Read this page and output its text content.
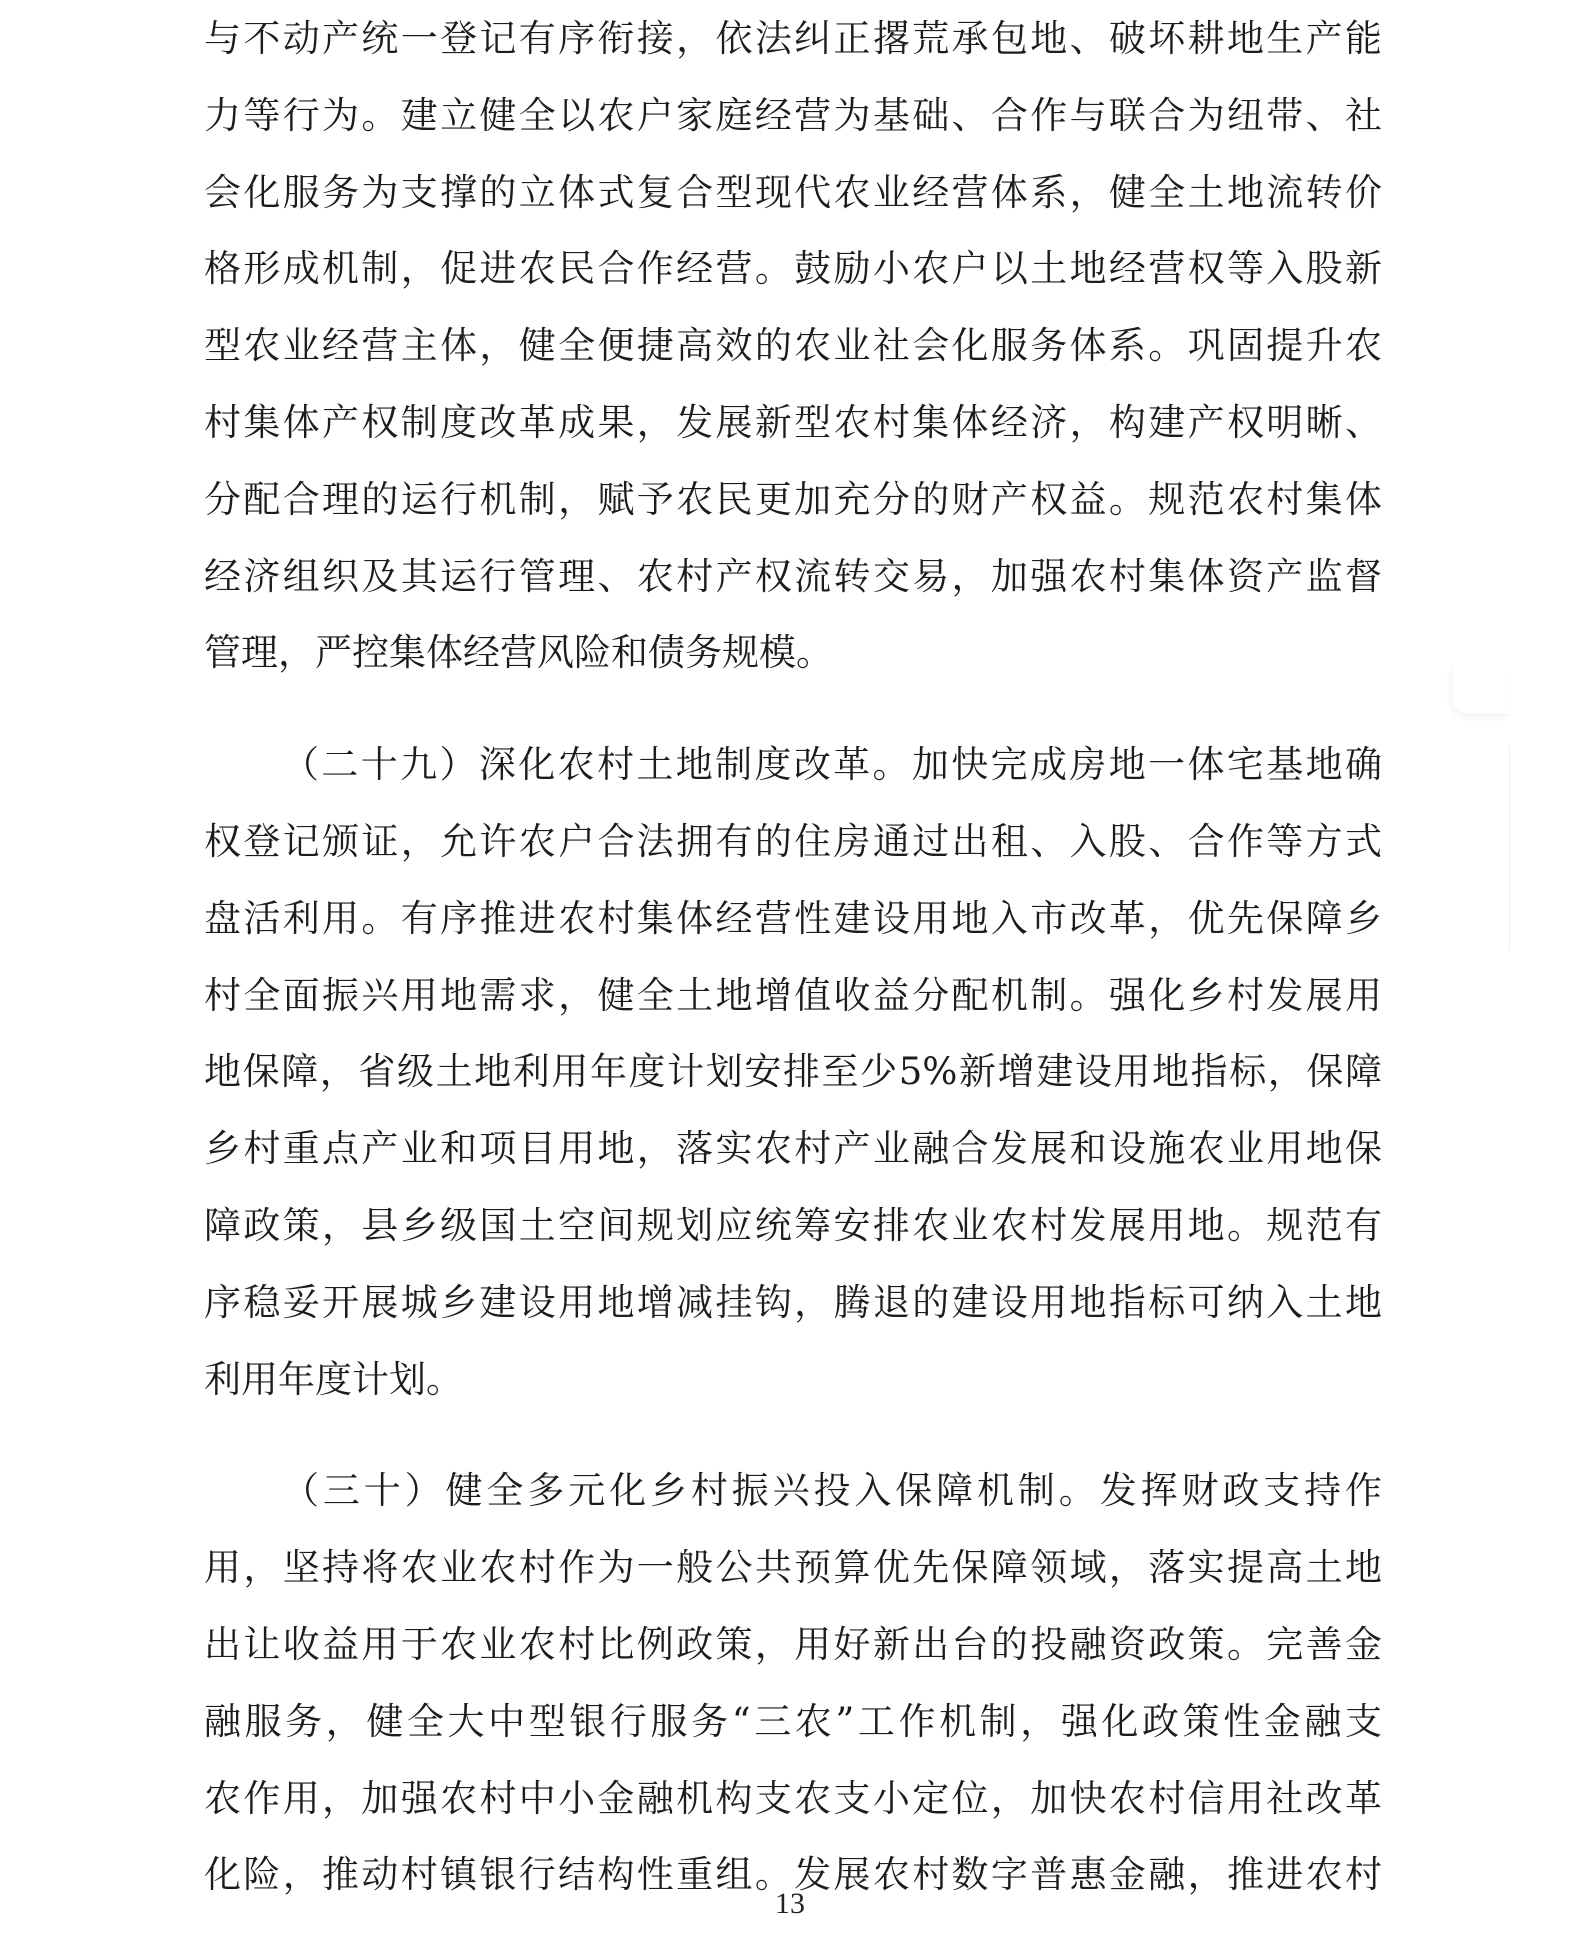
与不动产统一登记有序衔接，依法纠正撂荒承包地、破坏耕地生产能
力等行为。建立健全以农户家庭经营为基础、合作与联合为纽带、社
会化服务为支撑的立体式复合型现代农业经营体系，健全土地流转价
格形成机制，促进农民合作经营。鼓励小农户以土地经营权等入股新
型农业经营主体，健全便捷高效的农业社会化服务体系。巩固提升农
村集体产权制度改革成果，发展新型农村集体经济，构建产权明晰、
分配合理的运行机制，赋予农民更加充分的财产权益。规范农村集体
经济组织及其运行管理、农村产权流转交易，加强农村集体资产监督
管理，严控集体经营风险和债务规模。
（二十九）深化农村土地制度改革。加快完成房地一体宅基地确
权登记颁证，允许农户合法拥有的住房通过出租、入股、合作等方式
盘活利用。有序推进农村集体经营性建设用地入市改革，优先保障乡
村全面振兴用地需求，健全土地增值收益分配机制。强化乡村发展用
地保障，省级土地利用年度计划安排至少5%新增建设用地指标，保障
乡村重点产业和项目用地，落实农村产业融合发展和设施农业用地保
障政策，县乡级国土空间规划应统筹安排农业农村发展用地。规范有
序稳妥开展城乡建设用地增减挂钩，腾退的建设用地指标可纳入土地
利用年度计划。
（三十）健全多元化乡村振兴投入保障机制。发挥财政支持作
用，坚持将农业农村作为一般公共预算优先保障领域，落实提高土地
出让收益用于农业农村比例政策，用好新出台的投融资政策。完善金
融服务，健全大中型银行服务“三农”工作机制，强化政策性金融支
农作用，加强农村中小金融机构支农支小定位，加快农村信用社改革
化险，推动村镇银行结构性重组。发展农村数字普惠金融，推进农村
13
